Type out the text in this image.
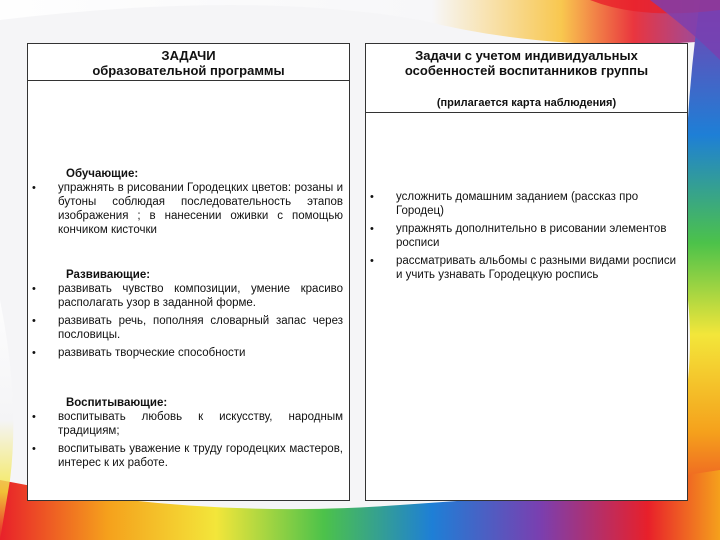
ЗАДАЧИ
образовательной программы
Обучающие:
• упражнять в рисовании Городецких цветов: розаны и бутоны соблюдая последовательность этапов изображения ; в нанесении оживки с помощью кончиком кисточки
Развивающие:
• развивать чувство композиции, умение красиво располагать узор в заданной форме.
• развивать речь, пополняя словарный запас через пословицы.
• развивать творческие способности
Воспитывающие:
• воспитывать любовь к искусству, народным традициям;
• воспитывать уважение к труду городецких мастеров, интерес к их работе.
Задачи с учетом индивидуальных
особенностей воспитанников группы
(прилагается карта наблюдения)
• усложнить домашним заданием (рассказ про Городец)
• упражнять дополнительно в рисовании элементов росписи
• рассматривать альбомы с разными видами росписи и учить узнавать Городецкую роспись
